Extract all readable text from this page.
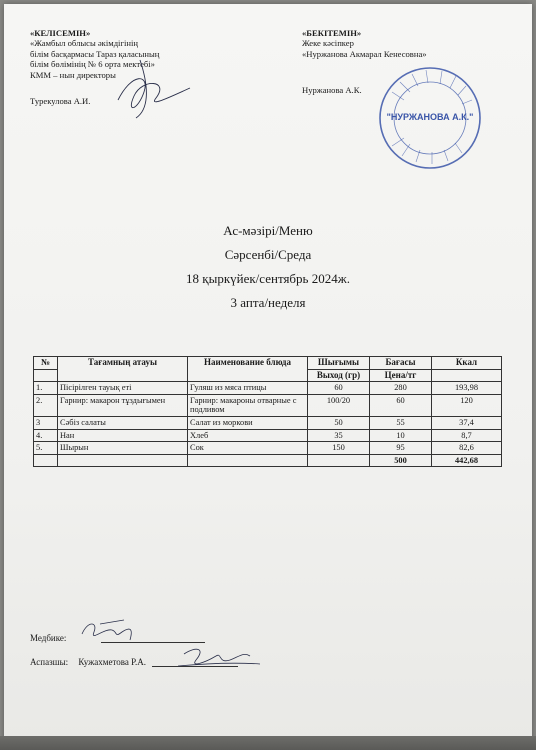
«КЕЛІСЕМІН»
«Жамбыл облысы әкімдігінің
білім басқармасы Тараз қаласының
білім бөлімінің № 6 орта мектебі»
КММ – нын директоры
Турекулова А.И.
«БЕКІТЕМІН»
Жеке кәсіпкер
«Нуржанова Акмарал Кенесовна»
Нуржанова А.К.
Ас-мәзірі/Меню
Сәрсенбі/Среда
18 қыркүйек/сентябрь 2024ж.
3 апта/неделя
№	Тағамның атауы	Наименование блюда	Шығымы	Бағасы	Ккал
			Выход (гр)	Цена/тг	
1.	Пісірілген тауық еті	Гуляш из мяса птицы	60	280	193,98
2.	Гарнир: макарон тұздығымен	Гарнир: макароны отварные с подливом	100/20	60	120
3	Сәбіз салаты	Салат из моркови	50	55	37,4
4.	Нан	Хлеб	35	10	8,7
5.	Шырын	Сок	150	95	82,6
				500	442,68
Медбике:
Аспазшы: Кужахметова Р.А.
"НУРЖАНОВА А.К."
